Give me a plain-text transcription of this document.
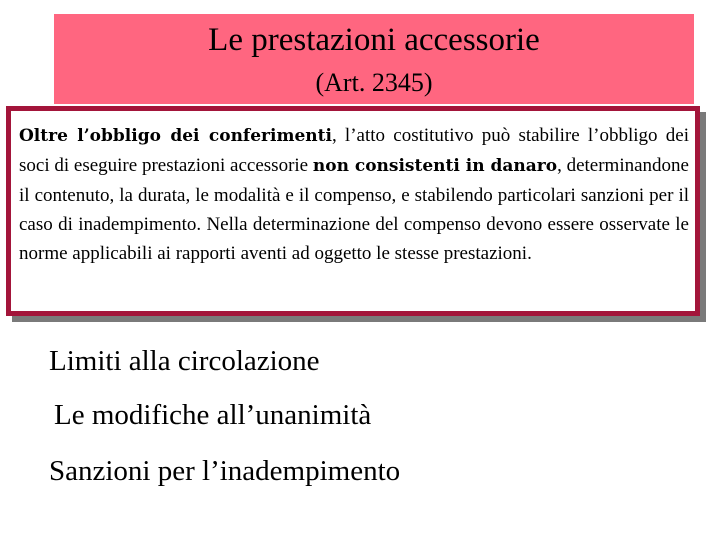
Le prestazioni accessorie
(Art. 2345)

Oltre l’obbligo dei conferimenti, l’atto costitutivo può stabilire l’obbligo dei soci di eseguire prestazioni accessorie non consistenti in danaro, determinandone il contenuto, la durata, le modalità e il compenso, e stabilendo particolari sanzioni per il caso di inadempimento. Nella determinazione del compenso devono essere osservate le norme applicabili ai rapporti aventi ad oggetto le stesse prestazioni.

Limiti alla circolazione
Le modifiche all’unanimità
Sanzioni per l’inadempimento
